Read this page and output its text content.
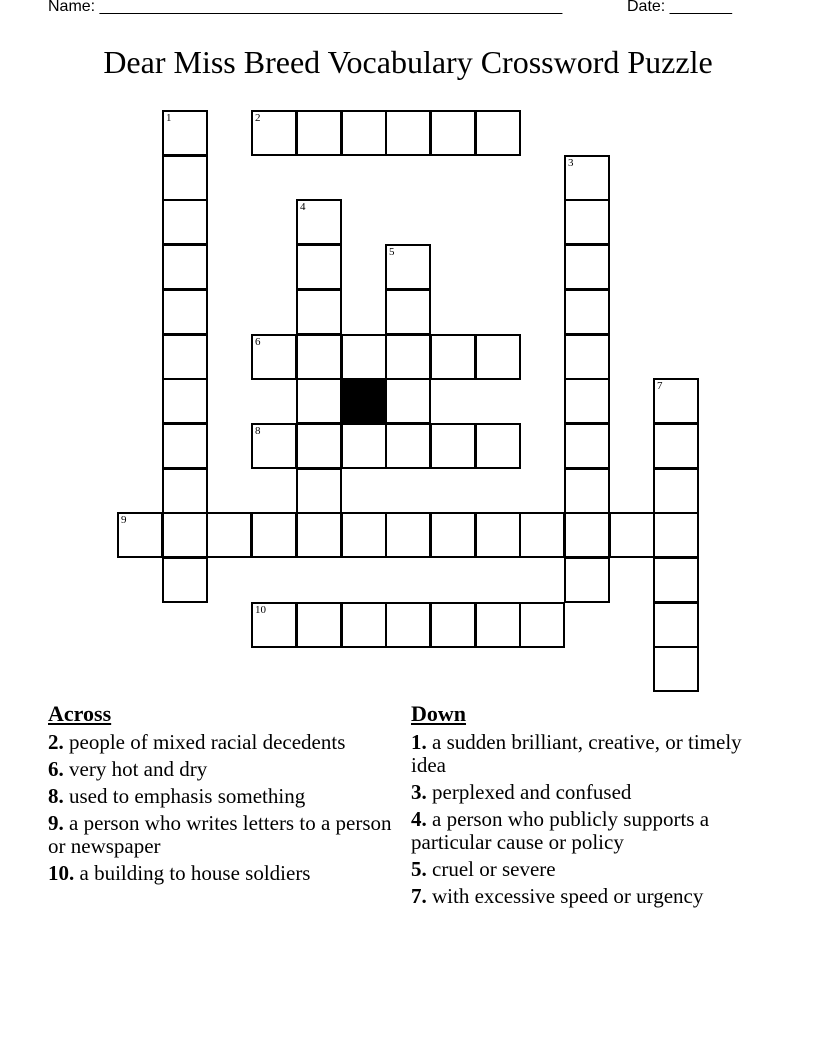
Name: ____________________________________________________	Date: _______
Dear Miss Breed Vocabulary Crossword Puzzle
1	2
3
4
5
6
7
8
9
10
Across
2. people of mixed racial decedents
6. very hot and dry
8. used to emphasis something
9. a person who writes letters to a person or newspaper
10. a building to house soldiers
Down
1. a sudden brilliant, creative, or timely idea
3. perplexed and confused
4. a person who publicly supports a particular cause or policy
5. cruel or severe
7. with excessive speed or urgency
